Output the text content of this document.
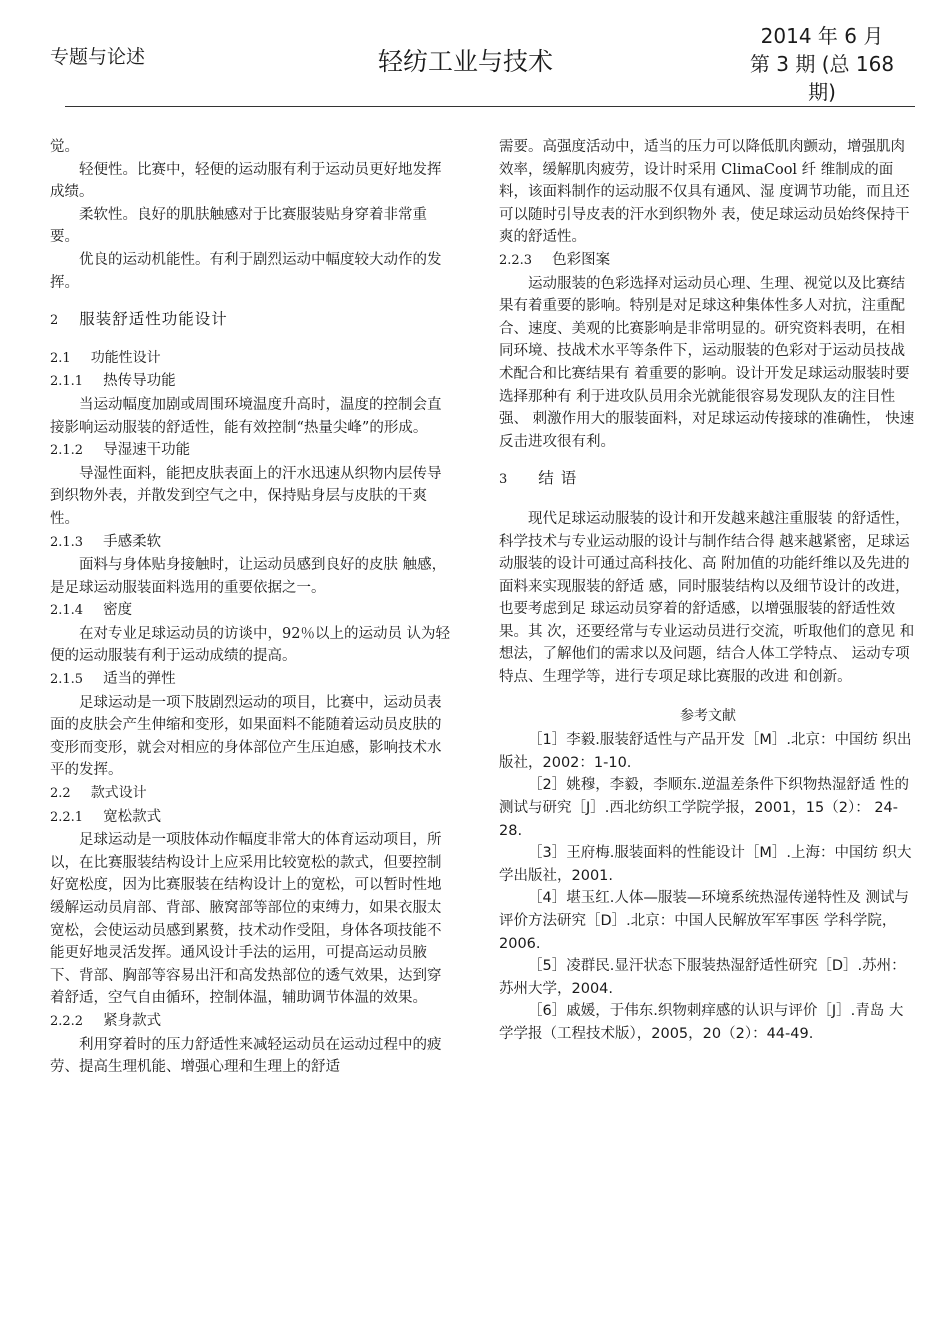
专题与论述	轻纺工业与技术
2014 年 6 月
第 3 期 (总 168
期)

觉。

轻便性。比赛中，轻便的运动服有利于运动员更好地发挥成绩。

柔软性。良好的肌肤触感对于比赛服装贴身穿着非常重要。

优良的运动机能性。有利于剧烈运动中幅度较大动作的发挥。

2 服装舒适性功能设计

2.1 功能性设计

2.1.1 热传导功能

当运动幅度加剧或周围环境温度升高时，温度的控制会直接影响运动服装的舒适性，能有效控制“热量尖峰”的形成。

2.1.2 导湿速干功能

导湿性面料，能把皮肤表面上的汗水迅速从织物内层传导到织物外表，并散发到空气之中，保持贴身层与皮肤的干爽性。

2.1.3 手感柔软

面料与身体贴身接触时，让运动员感到良好的皮肤 触感，是足球运动服装面料选用的重要依据之一。

2.1.4 密度

在对专业足球运动员的访谈中，92％以上的运动员 认为轻便的运动服装有利于运动成绩的提高。

2.1.5 适当的弹性

足球运动是一项下肢剧烈运动的项目，比赛中，运动员表面的皮肤会产生伸缩和变形，如果面料不能随着运动员皮肤的变形而变形，就会对相应的身体部位产生压迫感，影响技术水平的发挥。

2.2 款式设计

2.2.1 宽松款式

足球运动是一项肢体动作幅度非常大的体育运动项目，所以，在比赛服装结构设计上应采用比较宽松的款式，但要控制好宽松度，因为比赛服装在结构设计上的宽松，可以暂时性地缓解运动员肩部、背部、腋窝部等部位的束缚力，如果衣服太宽松，会使运动员感到累赘，技术动作受阻，身体各项技能不能更好地灵活发挥。通风设计手法的运用，可提高运动员腋下、背部、胸部等容易出汗和高发热部位的透气效果，达到穿着舒适，空气自由循环，控制体温，辅助调节体温的效果。

2.2.2 紧身款式

利用穿着时的压力舒适性来减轻运动员在运动过程中的疲劳、提高生理机能、增强心理和生理上的舒适

需要。高强度活动中，适当的压力可以降低肌肉颤动，增强肌肉效率，缓解肌肉疲劳，设计时采用 ClimaCool 纤 维制成的面料，该面料制作的运动服不仅具有通风、湿 度调节功能，而且还可以随时引导皮表的汗水到织物外 表，使足球运动员始终保持干爽的舒适性。

2.2.3 色彩图案

运动服装的色彩选择对运动员心理、生理、视觉以及比赛结果有着重要的影响。特别是对足球这种集体性多人对抗，注重配合、速度、美观的比赛影响是非常明显的。研究资料表明，在相同环境、技战术水平等条件下，运动服装的色彩对于运动员技战术配合和比赛结果有 着重要的影响。设计开发足球运动服装时要选择那种有 利于进攻队员用余光就能很容易发现队友的注目性强、 刺激作用大的服装面料，对足球运动传接球的准确性， 快速反击进攻很有利。

3 结 语

现代足球运动服装的设计和开发越来越注重服装 的舒适性，科学技术与专业运动服的设计与制作结合得 越来越紧密，足球运动服装的设计可通过高科技化、高 附加值的功能纤维以及先进的面料来实现服装的舒适 感，同时服装结构以及细节设计的改进，也要考虑到足 球运动员穿着的舒适感，以增强服装的舒适性效果。其 次，还要经常与专业运动员进行交流，听取他们的意见 和想法，了解他们的需求以及问题，结合人体工学特点、 运动专项特点、生理学等，进行专项足球比赛服的改进 和创新。

参考文献

［1］李毅.服装舒适性与产品开发［M］.北京：中国纺 织出版社，2002：1-10.

［2］姚穆，李毅，李顺东.逆温差条件下织物热湿舒适 性的测试与研究［J］.西北纺织工学院学报，2001，15（2）： 24-28.

［3］王府梅.服装面料的性能设计［M］.上海：中国纺 织大学出版社，2001.

［4］堪玉红.人体—服装—环境系统热湿传递特性及 测试与评价方法研究［D］.北京：中国人民解放军军事医 学科学院，2006.

［5］凌群民.显汗状态下服装热湿舒适性研究［D］.苏州：苏州大学，2004.

［6］戚媛，于伟东.织物刺痒感的认识与评价［J］.青岛 大学学报（工程技术版），2005，20（2）：44-49.
